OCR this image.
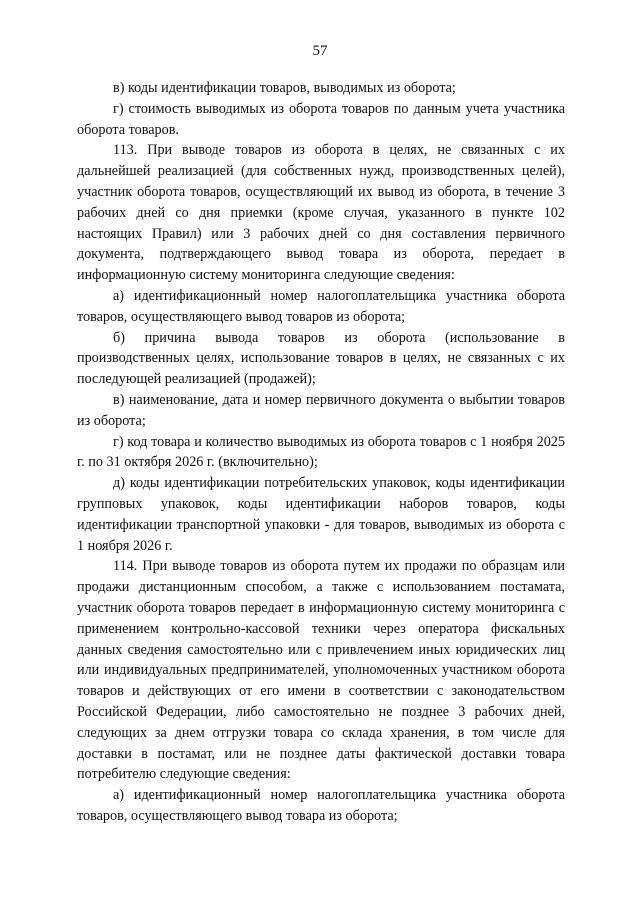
57

в) коды идентификации товаров, выводимых из оборота;

г) стоимость выводимых из оборота товаров по данным учета участника оборота товаров.

113. При выводе товаров из оборота в целях, не связанных с их дальнейшей реализацией (для собственных нужд, производственных целей), участник оборота товаров, осуществляющий их вывод из оборота, в течение 3 рабочих дней со дня приемки (кроме случая, указанного в пункте 102 настоящих Правил) или 3 рабочих дней со дня составления первичного документа, подтверждающего вывод товара из оборота, передает в информационную систему мониторинга следующие сведения:

а) идентификационный номер налогоплательщика участника оборота товаров, осуществляющего вывод товаров из оборота;

б) причина вывода товаров из оборота (использование в производственных целях, использование товаров в целях, не связанных с их последующей реализацией (продажей);

в) наименование, дата и номер первичного документа о выбытии товаров из оборота;

г) код товара и количество выводимых из оборота товаров с 1 ноября 2025 г. по 31 октября 2026 г. (включительно);

д) коды идентификации потребительских упаковок, коды идентификации групповых упаковок, коды идентификации наборов товаров, коды идентификации транспортной упаковки - для товаров, выводимых из оборота с 1 ноября 2026 г.

114. При выводе товаров из оборота путем их продажи по образцам или продажи дистанционным способом, а также с использованием постамата, участник оборота товаров передает в информационную систему мониторинга с применением контрольно-кассовой техники через оператора фискальных данных сведения самостоятельно или с привлечением иных юридических лиц или индивидуальных предпринимателей, уполномоченных участником оборота товаров и действующих от его имени в соответствии с законодательством Российской Федерации, либо самостоятельно не позднее 3 рабочих дней, следующих за днем отгрузки товара со склада хранения, в том числе для доставки в постамат, или не позднее даты фактической доставки товара потребителю следующие сведения:

а) идентификационный номер налогоплательщика участника оборота товаров, осуществляющего вывод товара из оборота;
